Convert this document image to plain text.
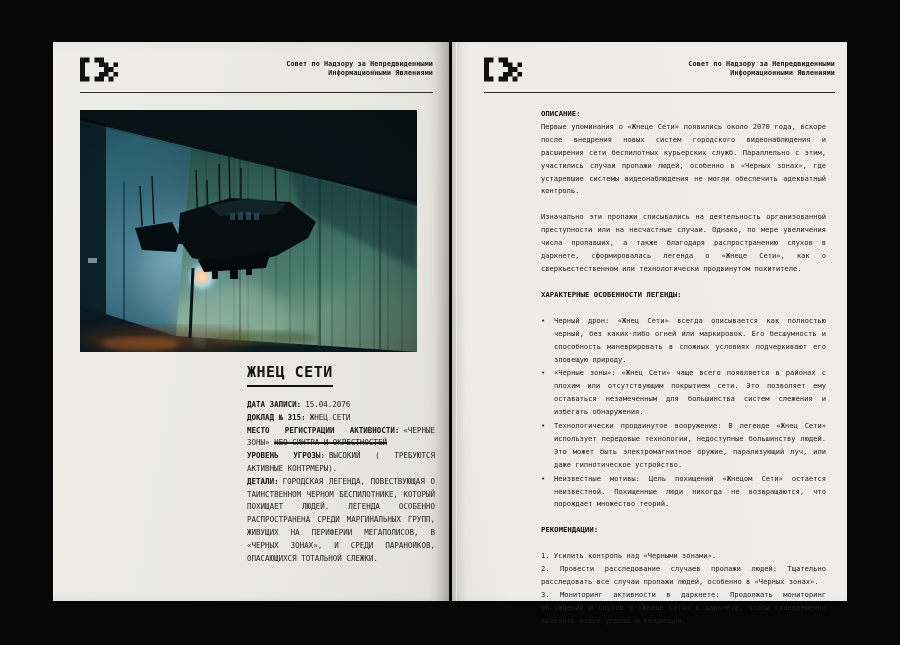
Совет по Надзору за Непредвиденными
Информационными Явлениями
ЖНЕЦ СЕТИ
ДАТА ЗАПИСИ: 15.04.2076
ДОКЛАД № 315: ЖНЕЦ СЕТИ
МЕСТО РЕГИСТРАЦИИ АКТИВНОСТИ: «ЧЕРНЫЕ ЗОНЫ» НЕО-СИНТРА И ОКРЕСТНОСТЕЙ
УРОВЕНЬ УГРОЗЫ: ВЫСОКИЙ ( ТРЕБУЮТСЯ АКТИВНЫЕ КОНТРМЕРЫ).
ДЕТАЛИ: ГОРОДСКАЯ ЛЕГЕНДА, ПОВЕСТВУЮЩАЯ О ТАИНСТВЕННОМ ЧЕРНОМ БЕСПИЛОТНИКЕ, КОТОРЫЙ ПОХИЩАЕТ ЛЮДЕЙ. ЛЕГЕНДА ОСОБЕННО РАСПРОСТРАНЕНА СРЕДИ МАРГИНАЛЬНЫХ ГРУПП, ЖИВУЩИХ НА ПЕРИФЕРИИ МЕГАПОЛИСОВ, В «ЧЕРНЫХ ЗОНАХ», И СРЕДИ ПАРАНОИКОВ, ОПАСАЮЩИХСЯ ТОТАЛЬНОЙ СЛЕЖКИ.
Совет по Надзору за Непредвиденными
Информационными Явлениями
ОПИСАНИЕ:

Первые упоминания о «Жнеце Сети» появились около 2070 года, вскоре после внедрения новых систем городского видеонаблюдения и расширения сети беспилотных курьерских служб. Параллельно с этим, участились случаи пропажи людей, особенно в «Черных зонах», где устаревшие системы видеонаблюдения не могли обеспечить адекватный контроль.

Изначально эти пропажи списывались на деятельность организованной преступности или на несчастные случаи. Однако, по мере увеличения числа пропавших, а также благодаря распространению слухов в даркнете, сформировалась легенда о «Жнеце Сети», как о сверхъестественном или технологически продвинутом похитителе.

ХАРАКТЕРНЫЕ ОСОБЕННОСТИ ЛЕГЕНДЫ:
•	Черный дрон: «Жнец Сети» всегда описывается как полностью черный, без каких-либо огней или маркировок. Его бесшумность и способность маневрировать в сложных условиях подчеркивают его зловещую природу.
•	«Черные зоны»: «Жнец Сети» чаще всего появляется в районах с плохим или отсутствующим покрытием сети. Это позволяет ему оставаться незамеченным для большинства систем слежения и избегать обнаружения.
•	Технологически продвинутое вооружение: В легенде «Жнец Сети» использует передовые технологии, недоступные большинству людей. Это может быть электромагнитное оружие, парализующий луч, или даже гипнотическое устройство.
•	Неизвестные мотивы: Цель похищений «Жнецом Сети» остается неизвестной. Похищенные люди никогда не возвращаются, что порождает множество теорий.
РЕКОМЕНДАЦИИ:

1. Усилить контроль над «Черными зонами».

2. Провести расследование случаев пропажи людей: Тщательно расследовать все случаи пропажи людей, особенно в «Черных зонах».

3. Мониторинг активности в даркнете: Продолжать мониторинг обсуждений и слухов о «Жнеце Сети» в даркнете, чтобы своевременно выявлять новые угрозы и тенденции.
